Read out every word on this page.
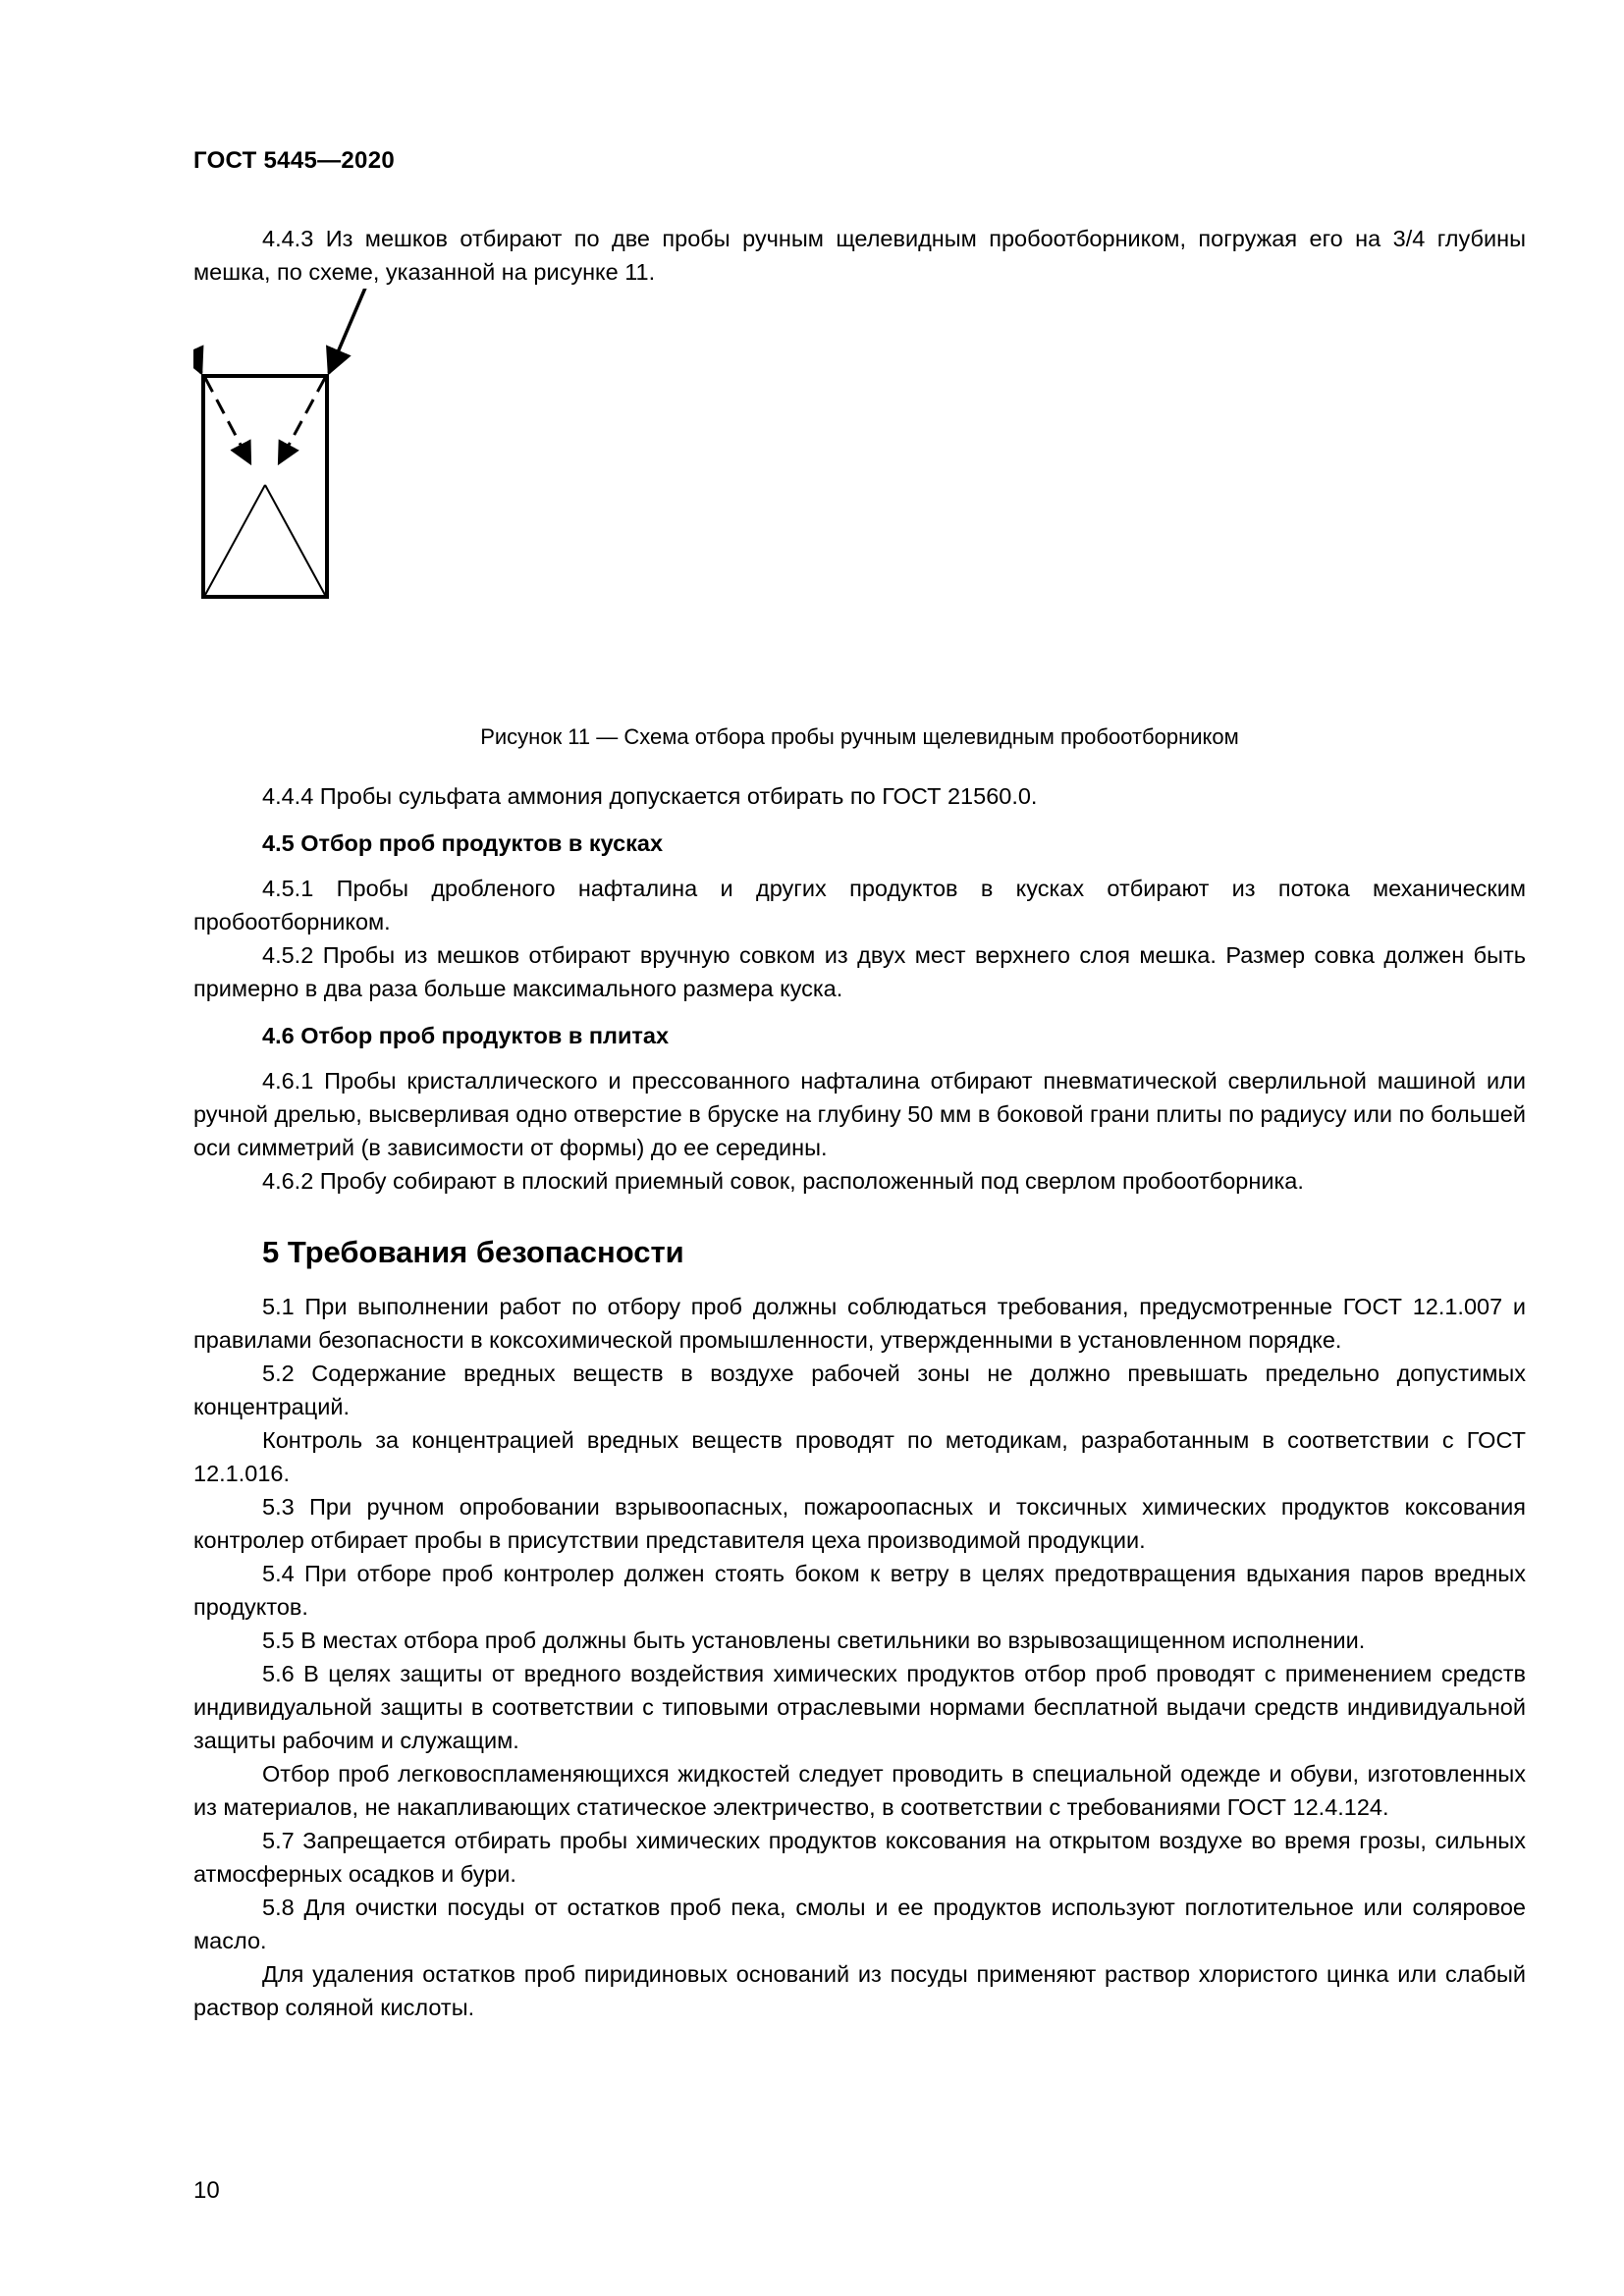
ГОСТ 5445—2020

4.4.3 Из мешков отбирают по две пробы ручным щелевидным пробоотборником, погружая его на 3/4 глубины мешка, по схеме, указанной на рисунке 11.

Рисунок 11 — Схема отбора пробы ручным щелевидным пробоотборником

4.4.4 Пробы сульфата аммония допускается отбирать по ГОСТ 21560.0.

4.5 Отбор проб продуктов в кусках

4.5.1 Пробы дробленого нафталина и других продуктов в кусках отбирают из потока механическим пробоотборником.

4.5.2 Пробы из мешков отбирают вручную совком из двух мест верхнего слоя мешка. Размер совка должен быть примерно в два раза больше максимального размера куска.

4.6 Отбор проб продуктов в плитах

4.6.1 Пробы кристаллического и прессованного нафталина отбирают пневматической сверлильной машиной или ручной дрелью, высверливая одно отверстие в бруске на глубину 50 мм в боковой грани плиты по радиусу или по большей оси симметрий (в зависимости от формы) до ее середины.

4.6.2 Пробу собирают в плоский приемный совок, расположенный под сверлом пробоотборника.

5 Требования безопасности

5.1 При выполнении работ по отбору проб должны соблюдаться требования, предусмотренные ГОСТ 12.1.007 и правилами безопасности в коксохимической промышленности, утвержденными в установленном порядке.

5.2 Содержание вредных веществ в воздухе рабочей зоны не должно превышать предельно допустимых концентраций.

Контроль за концентрацией вредных веществ проводят по методикам, разработанным в соответствии с ГОСТ 12.1.016.

5.3 При ручном опробовании взрывоопасных, пожароопасных и токсичных химических продуктов коксования контролер отбирает пробы в присутствии представителя цеха производимой продукции.

5.4 При отборе проб контролер должен стоять боком к ветру в целях предотвращения вдыхания паров вредных продуктов.

5.5 В местах отбора проб должны быть установлены светильники во взрывозащищенном исполнении.

5.6 В целях защиты от вредного воздействия химических продуктов отбор проб проводят с применением средств индивидуальной защиты в соответствии с типовыми отраслевыми нормами бесплатной выдачи средств индивидуальной защиты рабочим и служащим.

Отбор проб легковоспламеняющихся жидкостей следует проводить в специальной одежде и обуви, изготовленных из материалов, не накапливающих статическое электричество, в соответствии с требованиями ГОСТ 12.4.124.

5.7 Запрещается отбирать пробы химических продуктов коксования на открытом воздухе во время грозы, сильных атмосферных осадков и бури.

5.8 Для очистки посуды от остатков проб пека, смолы и ее продуктов используют поглотительное или соляровое масло.

Для удаления остатков проб пиридиновых оснований из посуды применяют раствор хлористого цинка или слабый раствор соляной кислоты.

10
